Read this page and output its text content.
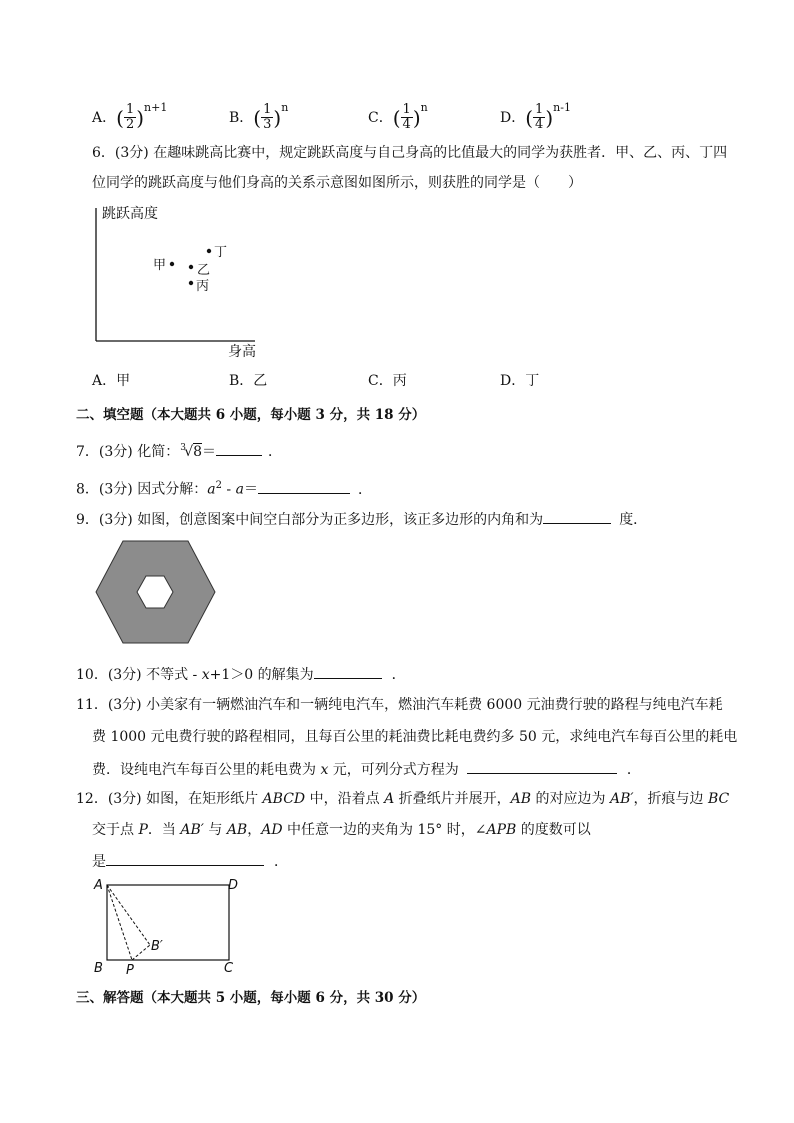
A． ( $\frac{1}{2}$ ) n+1
B． ( $\frac{1}{3}$ ) n
C． ( $\frac{1}{4}$ ) n
D． ( $\frac{1}{4}$ ) n-1
6．(3分) 在趣味跳高比赛中，规定跳跃高度与自己身高的比值最大的同学为获胜者．甲、乙、丙、丁四
位同学的跳跃高度与他们身高的关系示意图如图所示，则获胜的同学是（　　）
跳跃高度
身高
甲 乙
丙
丁
A．甲	B．乙	C．丙	D．丁
二、填空题（本大题共 6 小题，每小题 3 分，共 18 分）
7．(3分) 化简： 3
√8＝	．
8．(3分) 因式分解：$a^2 - a=$	．
9．(3分) 如图，创意图案中间空白部分为正多边形，该正多边形的内角和为	度．
10．(3分) 不等式 - x+1＞0 的解集为	．
11．(3分) 小美家有一辆燃油汽车和一辆纯电汽车，燃油汽车耗费 6000 元油费行驶的路程与纯电汽车耗
费 1000 元电费行驶的路程相同，且每百公里的耗油费比耗电费约多 50 元，求纯电汽车每百公里的耗电
费．设纯电汽车每百公里的耗电费为 x 元，可列分式方程为	．
12．(3分) 如图，在矩形纸片 ABCD 中，沿着点 A 折叠纸片并展开，AB 的对应边为 AB′，折痕与边 BC
交于点 P．当 AB′ 与 AB，AD 中任意一边的夹角为 15° 时，∠APB 的度数可以
是	．
A	D
B	C
P
B′
三、解答题（本大题共 5 小题，每小题 6 分，共 30 分）
